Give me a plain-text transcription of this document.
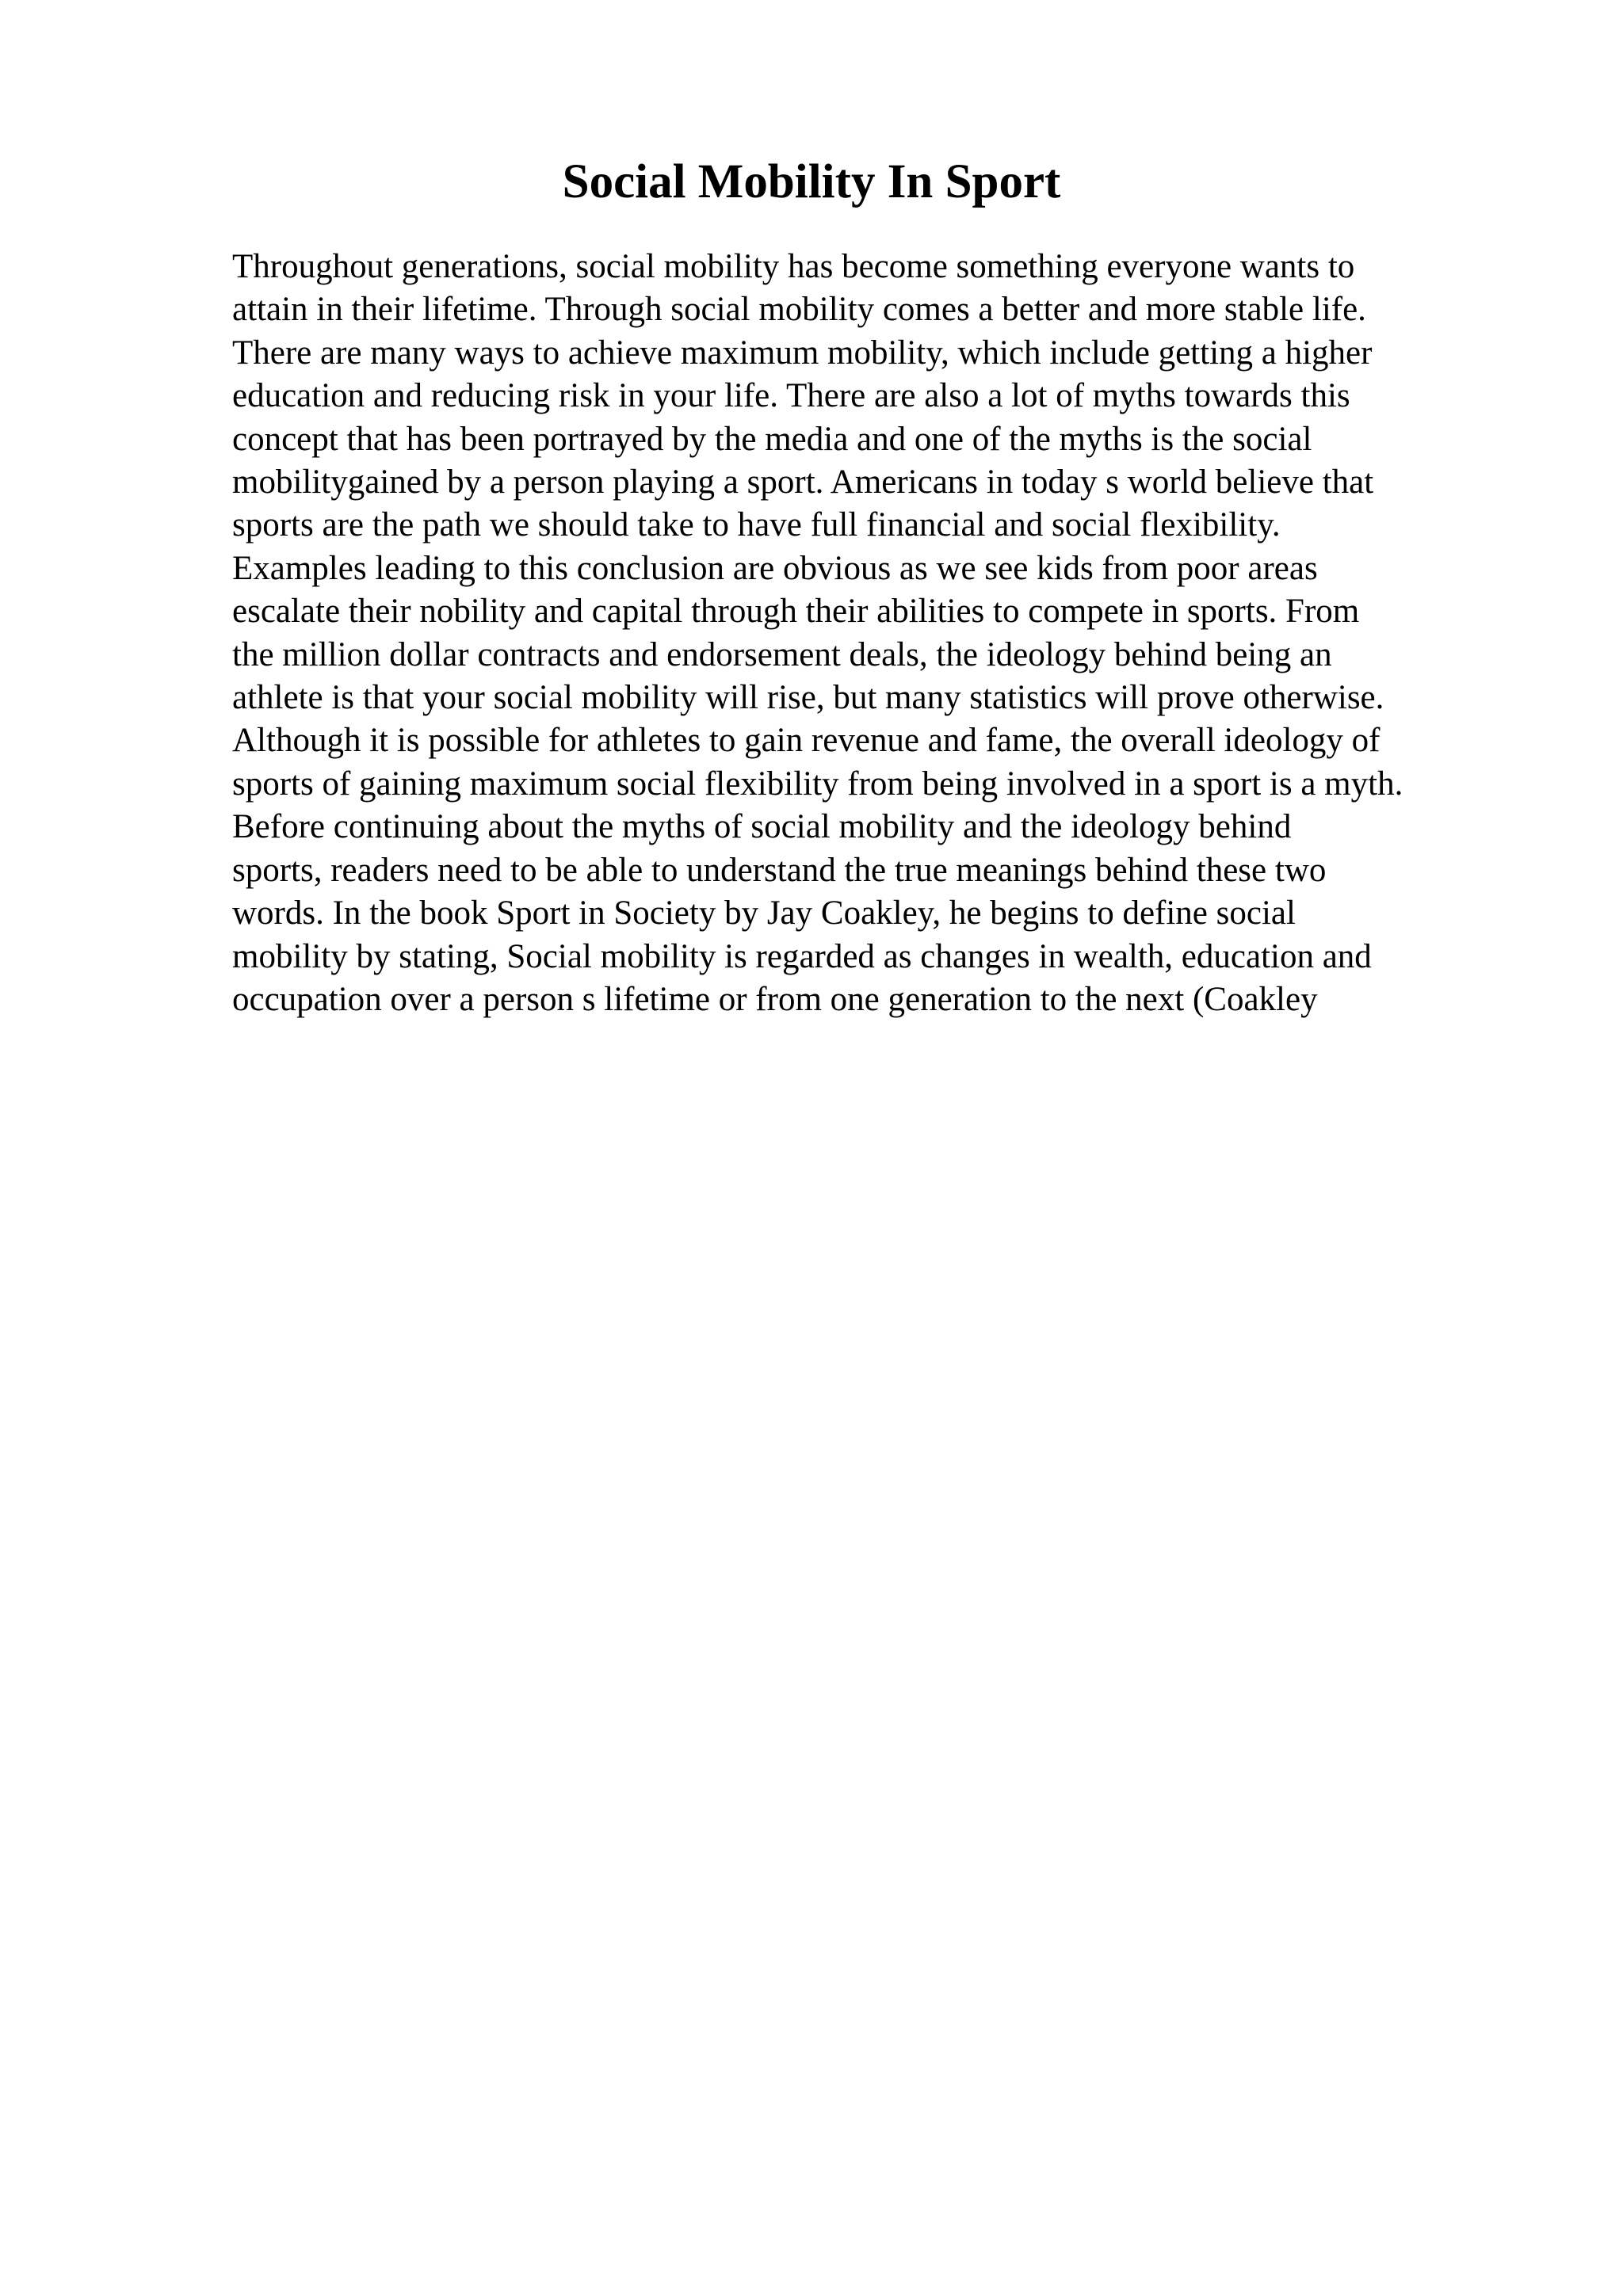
Social Mobility In Sport
Throughout generations, social mobility has become something everyone wants to
attain in their lifetime. Through social mobility comes a better and more stable life.
There are many ways to achieve maximum mobility, which include getting a higher
education and reducing risk in your life. There are also a lot of myths towards this
concept that has been portrayed by the media and one of the myths is the social
mobilitygained by a person playing a sport. Americans in today s world believe that
sports are the path we should take to have full financial and social flexibility.
Examples leading to this conclusion are obvious as we see kids from poor areas
escalate their nobility and capital through their abilities to compete in sports. From
the million dollar contracts and endorsement deals, the ideology behind being an
athlete is that your social mobility will rise, but many statistics will prove otherwise.
Although it is possible for athletes to gain revenue and fame, the overall ideology of
sports of gaining maximum social flexibility from being involved in a sport is a myth.
Before continuing about the myths of social mobility and the ideology behind
sports, readers need to be able to understand the true meanings behind these two
words. In the book Sport in Society by Jay Coakley, he begins to define social
mobility by stating, Social mobility is regarded as changes in wealth, education and
occupation over a person s lifetime or from one generation to the next (Coakley
